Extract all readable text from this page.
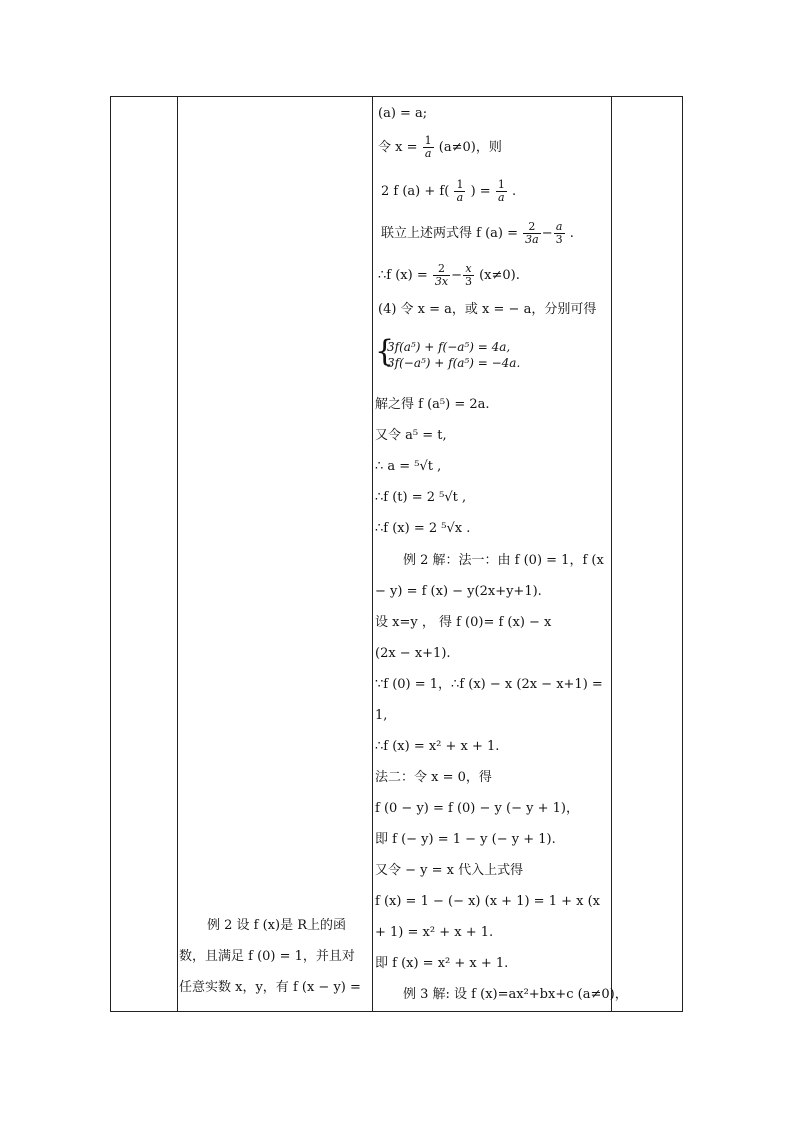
例 2 设 f (x)是 R上的函
数，且满足 f (0) = 1，并且对
任意实数 x，y，有 f (x − y) =
(a) = a;
令 $x = \frac{1}{a} (a\ne 0)$，则
2 f $(a) + f( \frac{1}{a}$ ) = $\frac{1}{a}$ .
联立上述两式得 f $(a) = \frac{2}{3a} - \frac{a}{3}$ .
∴f $(x) = \frac{2}{3x} - \frac{x}{3} (x\ne 0)$.
(4) 令 x = a，或 x = − a，分别可得
{
3f(a⁵) + f(−a⁵) = 4a,
3f(−a⁵) + f(a⁵) = −4a.
解之得 f (a⁵) = 2a.
又令 a⁵ = t,
∴ a = ⁵√t ,
∴f (t) = 2 ⁵√t ,
∴f (x) = 2 ⁵√x .
例 2 解：法一：由 f (0) = 1，f (x
− y) = f (x) − y(2x+y+1).
设 x=y ， 得 f (0)= f (x) − x
(2x − x+1).
∵f (0) = 1，∴f (x) − x (2x − x+1) =
1,
∴f (x) = x² + x + 1.
法二：令 x = 0，得
f (0 − y) = f (0) − y (− y + 1)，
即 f (− y) = 1 − y (− y + 1).
又令 − y = x 代入上式得
f (x) = 1 − (− x) (x + 1) = 1 + x (x
+ 1) = x² + x + 1.
即 f (x) = x² + x + 1.
例 3 解: 设 f (x)=ax²+bx+c (a≠0)，
